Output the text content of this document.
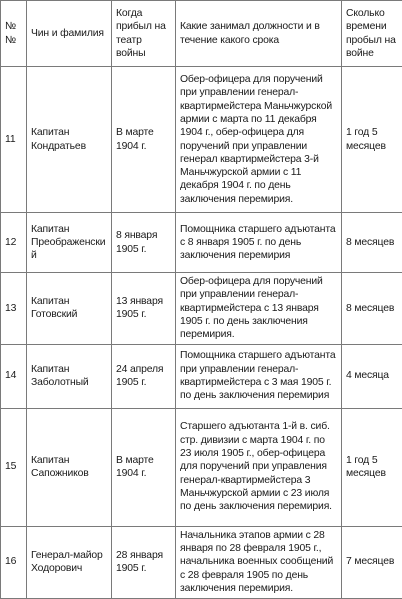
№№	Чин и фамилия	Когда прибыл на театр войны	Какие занимал должности и в течение какого срока	Сколько времени пробыл на войне
11	Капитан Кондратьев	В марте 1904 г.	Обер-офицера для поручений при управлении генерал-квартирмейстера Маньчжурской армии с марта по 11 декабря 1904 г., обер-офицера для поручений при управлении генерал квартирмейстера 3-й Маньчжурской армии с 11 декабря 1904 г. по день заключения перемирия.	1 год 5 месяцев
12	Капитан Преображенский	8 января 1905 г.	Помощника старшего адъютанта с 8 января 1905 г. по день заключения перемирия	8 месяцев
13	Капитан Готовский	13 января 1905 г.	Обер-офицера для поручений при управлении генерал-квартирмейстера с 13 января 1905 г. по день заключения перемирия.	8 месяцев
14	Капитан Заболотный	24 апреля 1905 г.	Помощника старшего адъютанта при управлении генерал-квартирмейстера с 3 мая 1905 г. по день заключения перемирия	4 месяца
15	Капитан Сапожников	В марте 1904 г.	Старшего адъютанта 1-й в. сиб. стр. дивизии с марта 1904 г. по 23 июля 1905 г., обер-офицера для поручений при управления генерал-квартирмейстера 3 Маньчжурской армии с 23 июля по день заключения перемирия.	1 год 5 месяцев
16	Генерал-майор Ходорович	28 января 1905 г.	Начальника этапов армии с 28 января по 28 февраля 1905 г., начальника военных сообщений с 28 февраля 1905 по день заключения перемирия.	7 месяцев
